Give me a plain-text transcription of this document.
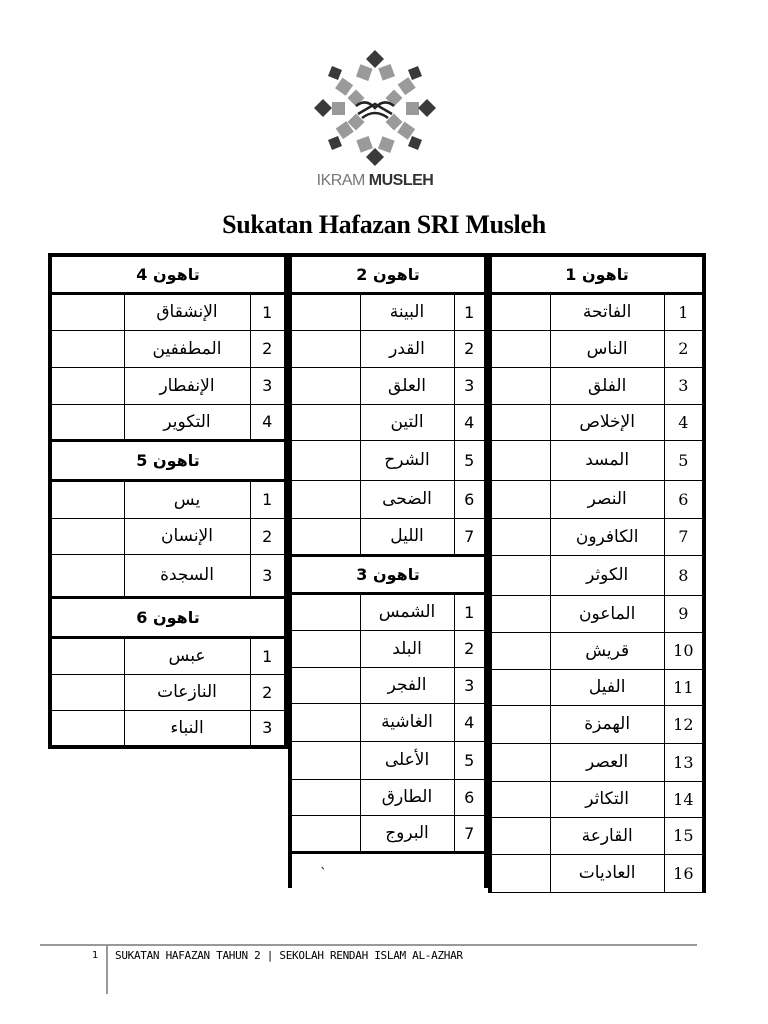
IKRAM MUSLEH
Sukatan Hafazan SRI Musleh
تاهون 4		
	الإنشقاق	1
	المطففين	2
	الإنفطار	3
	التكوير	4
تاهون 5		
	يس	1
	الإنسان	2
	السجدة	3
تاهون 6		
	عبس	1
	النازعات	2
	النباء	3
تاهون 2		
	البينة	1
	القدر	2
	العلق	3
	التين	4
	الشرح	5
	الضحى	6
	الليل	7
تاهون 3		
	الشمس	1
	البلد	2
	الفجر	3
	الغاشية	4
	الأعلى	5
	الطارق	6
	البروج	7

`
تاهون 1		
	الفاتحة	1
	الناس	2
	الفلق	3
	الإخلاص	4
	المسد	5
	النصر	6
	الكافرون	7
	الكوثر	8
	الماعون	9
	قريش	10
	الفيل	11
	الهمزة	12
	العصر	13
	التكاثر	14
	القارعة	15
	العاديات	16
1 SUKATAN HAFAZAN TAHUN 2 | SEKOLAH RENDAH ISLAM AL-AZHAR
